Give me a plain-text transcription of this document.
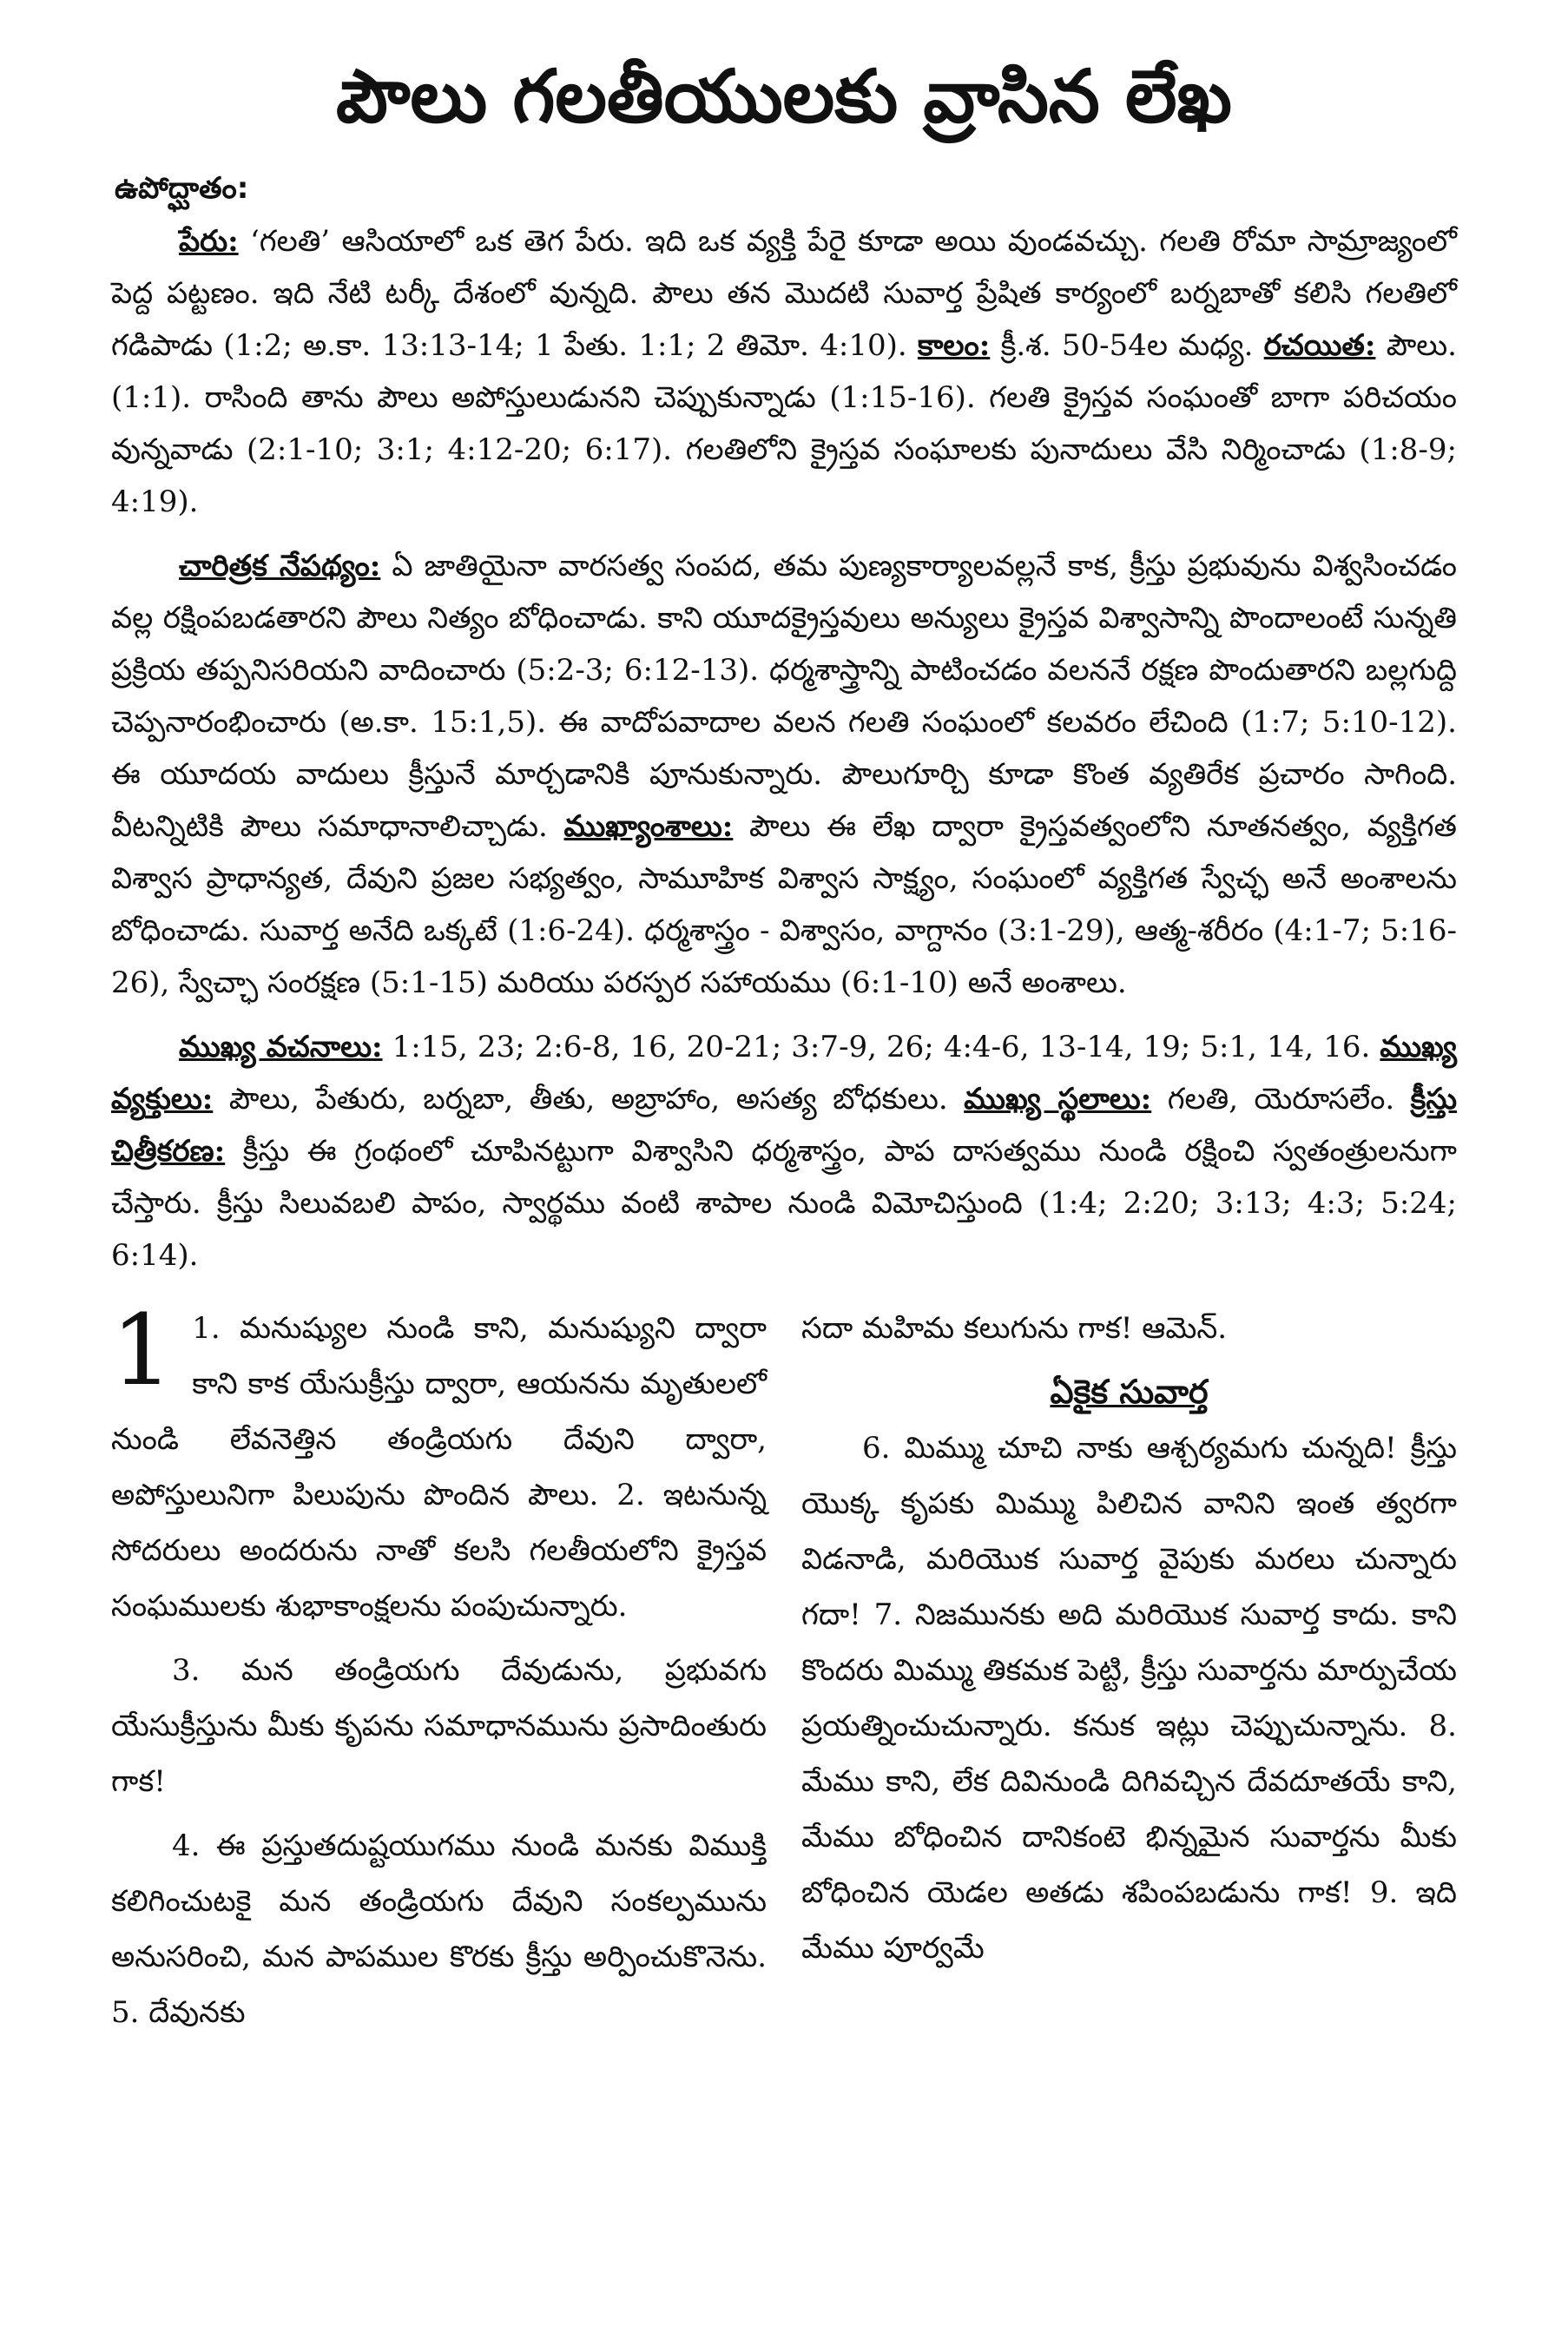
పౌలు గలతీయులకు వ్రాసిన లేఖ
ఉపోద్ఘాతం:

పేరు: ‘గలతి’ ఆసియాలో ఒక తెగ పేరు. ఇది ఒక వ్యక్తి పేరై కూడా అయి వుండవచ్చు. గలతి రోమా సామ్రాజ్యంలో పెద్ద పట్టణం. ఇది నేటి టర్కీ దేశంలో వున్నది. పౌలు తన మొదటి సువార్త ప్రేషిత కార్యంలో బర్నబాతో కలిసి గలతిలో గడిపాడు (1:2; అ.కా. 13:13-14; 1 పేతు. 1:1; 2 తిమో. 4:10). కాలం: క్రీ.శ. 50-54ల మధ్య. రచయిత: పౌలు. (1:1). రాసింది తాను పౌలు అపోస్తులుడునని చెప్పుకున్నాడు (1:15-16). గలతి క్రైస్తవ సంఘంతో బాగా పరిచయం వున్నవాడు (2:1-10; 3:1; 4:12-20; 6:17). గలతిలోని క్రైస్తవ సంఘాలకు పునాదులు వేసి నిర్మించాడు (1:8-9; 4:19).

చారిత్రక నేపథ్యం: ఏ జాతియైనా వారసత్వ సంపద, తమ పుణ్యకార్యాలవల్లనే కాక, క్రీస్తు ప్రభువును విశ్వసించడం వల్ల రక్షింపబడతారని పౌలు నిత్యం బోధించాడు. కాని యూదక్రైస్తవులు అన్యులు క్రైస్తవ విశ్వాసాన్ని పొందాలంటే సున్నతి ప్రక్రియ తప్పనిసరియని వాదించారు (5:2-3; 6:12-13). ధర్మశాస్త్రాన్ని పాటించడం వలననే రక్షణ పొందుతారని బల్లగుద్ది చెప్పనారంభించారు (అ.కా. 15:1,5). ఈ వాదోపవాదాల వలన గలతి సంఘంలో కలవరం లేచింది (1:7; 5:10-12). ఈ యూదయ వాదులు క్రీస్తునే మార్చడానికి పూనుకున్నారు. పౌలుగూర్చి కూడా కొంత వ్యతిరేక ప్రచారం సాగింది. వీటన్నిటికి పౌలు సమాధానాలిచ్చాడు. ముఖ్యాంశాలు: పౌలు ఈ లేఖ ద్వారా క్రైస్తవత్వంలోని నూతనత్వం, వ్యక్తిగత విశ్వాస ప్రాధాన్యత, దేవుని ప్రజల సభ్యత్వం, సామూహిక విశ్వాస సాక్ష్యం, సంఘంలో వ్యక్తిగత స్వేచ్ఛ అనే అంశాలను బోధించాడు. సువార్త అనేది ఒక్కటే (1:6-24). ధర్మశాస్త్రం - విశ్వాసం, వాగ్దానం (3:1-29), ఆత్మ-శరీరం (4:1-7; 5:16-26), స్వేచ్ఛా సంరక్షణ (5:1-15) మరియు పరస్పర సహాయము (6:1-10) అనే అంశాలు.

ముఖ్య వచనాలు: 1:15, 23; 2:6-8, 16, 20-21; 3:7-9, 26; 4:4-6, 13-14, 19; 5:1, 14, 16. ముఖ్య వ్యక్తులు: పౌలు, పేతురు, బర్నబా, తీతు, అబ్రాహాం, అసత్య బోధకులు. ముఖ్య స్థలాలు: గలతి, యెరూసలేం. క్రీస్తు చిత్రీకరణ: క్రీస్తు ఈ గ్రంథంలో చూపినట్టుగా విశ్వాసిని ధర్మశాస్త్రం, పాప దాసత్వము నుండి రక్షించి స్వతంత్రులనుగా చేస్తారు. క్రీస్తు సిలువబలి పాపం, స్వార్థము వంటి శాపాల నుండి విమోచిస్తుంది (1:4; 2:20; 3:13; 4:3; 5:24; 6:14).

1 1. మనుష్యుల నుండి కాని, మనుష్యుని ద్వారా కాని కాక యేసుక్రీస్తు ద్వారా, ఆయనను మృతులలో నుండి లేవనెత్తిన తండ్రియగు దేవుని ద్వారా, అపోస్తులునిగా పిలుపును పొందిన పౌలు. 2. ఇటనున్న సోదరులు అందరును నాతో కలసి గలతీయలోని క్రైస్తవ సంఘములకు శుభాకాంక్షలను పంపుచున్నారు.

3. మన తండ్రియగు దేవుడును, ప్రభువగు యేసుక్రీస్తును మీకు కృపను సమాధానమును ప్రసాదింతురు గాక!

4. ఈ ప్రస్తుతదుష్టయుగము నుండి మనకు విముక్తి కలిగించుటకై మన తండ్రియగు దేవుని సంకల్పమును అనుసరించి, మన పాపముల కొరకు క్రీస్తు అర్పించుకొనెను. 5. దేవునకు

సదా మహిమ కలుగును గాక! ఆమెన్.

ఏకైక సువార్త

6. మిమ్ము చూచి నాకు ఆశ్చర్యమగు చున్నది! క్రీస్తు యొక్క కృపకు మిమ్ము పిలిచిన వానిని ఇంత త్వరగా విడనాడి, మరియొక సువార్త వైపుకు మరలు చున్నారు గదా! 7. నిజమునకు అది మరియొక సువార్త కాదు. కాని కొందరు మిమ్ము తికమక పెట్టి, క్రీస్తు సువార్తను మార్పుచేయ ప్రయత్నించుచున్నారు. కనుక ఇట్లు చెప్పుచున్నాను. 8. మేము కాని, లేక దివినుండి దిగివచ్చిన దేవదూతయే కాని, మేము బోధించిన దానికంటె భిన్నమైన సువార్తను మీకు బోధించిన యెడల అతడు శపింపబడును గాక! 9. ఇది మేము పూర్వమే
